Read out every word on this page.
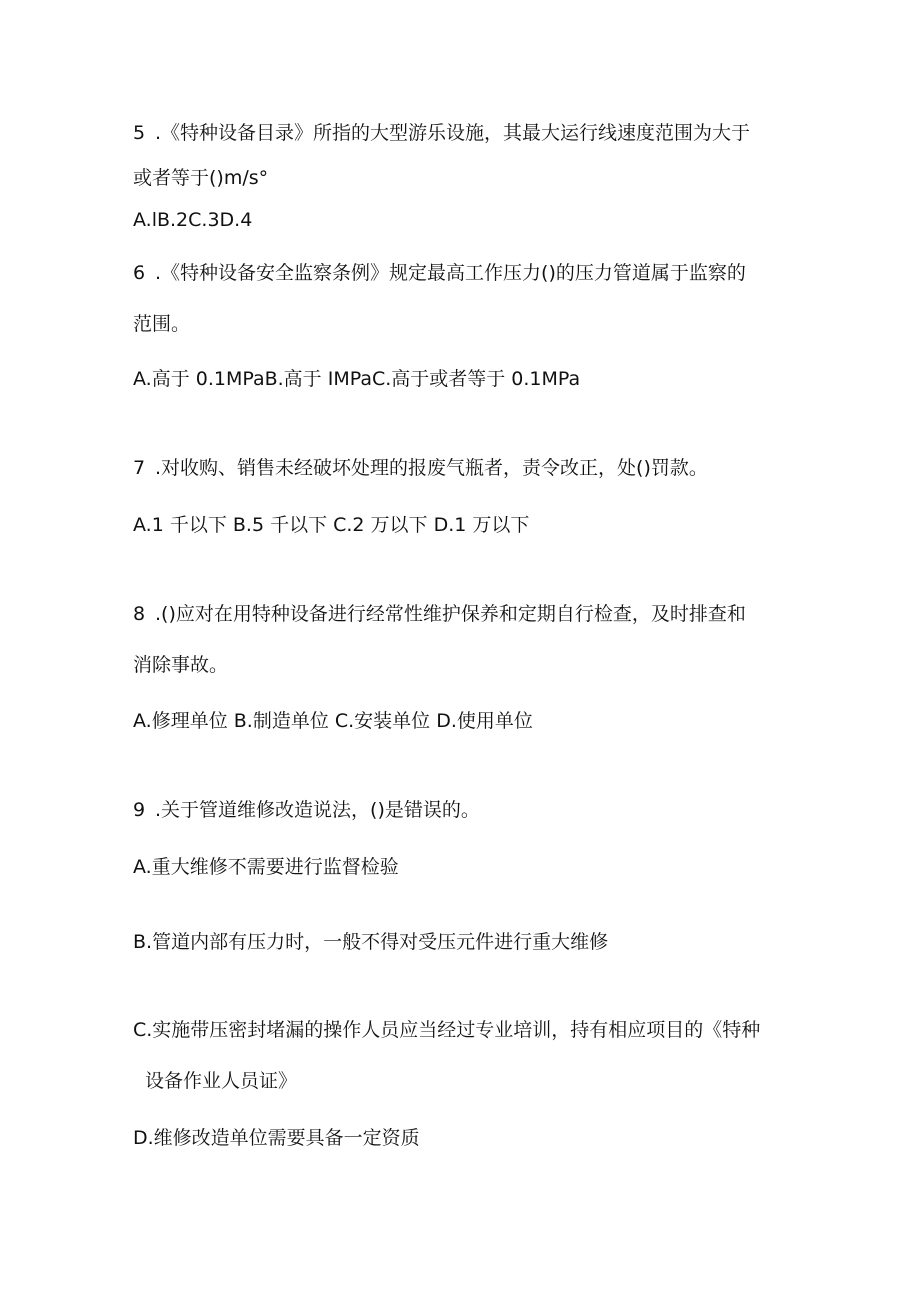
5 .《特种设备目录》所指的大型游乐设施，其最大运行线速度范围为大于
或者等于()m∕s°
A.lB.2C.3D.4
6 .《特种设备安全监察条例》规定最高工作压力()的压力管道属于监察的
范围。
A.高于 0.1MPaB.高于 IMPaC.高于或者等于 0.1MPa
7 .对收购、销售未经破坏处理的报废气瓶者，责令改正，处()罚款。
A.1 千以下 B.5 千以下 C.2 万以下 D.1 万以下
8 .()应对在用特种设备进行经常性维护保养和定期自行检查，及时排查和
消除事故。
A.修理单位 B.制造单位 C.安装单位 D.使用单位
9 .关于管道维修改造说法，()是错误的。
A.重大维修不需要进行监督检验
B.管道内部有压力时，一般不得对受压元件进行重大维修
C.实施带压密封堵漏的操作人员应当经过专业培训，持有相应项目的《特种
设备作业人员证》
D.维修改造单位需要具备一定资质
